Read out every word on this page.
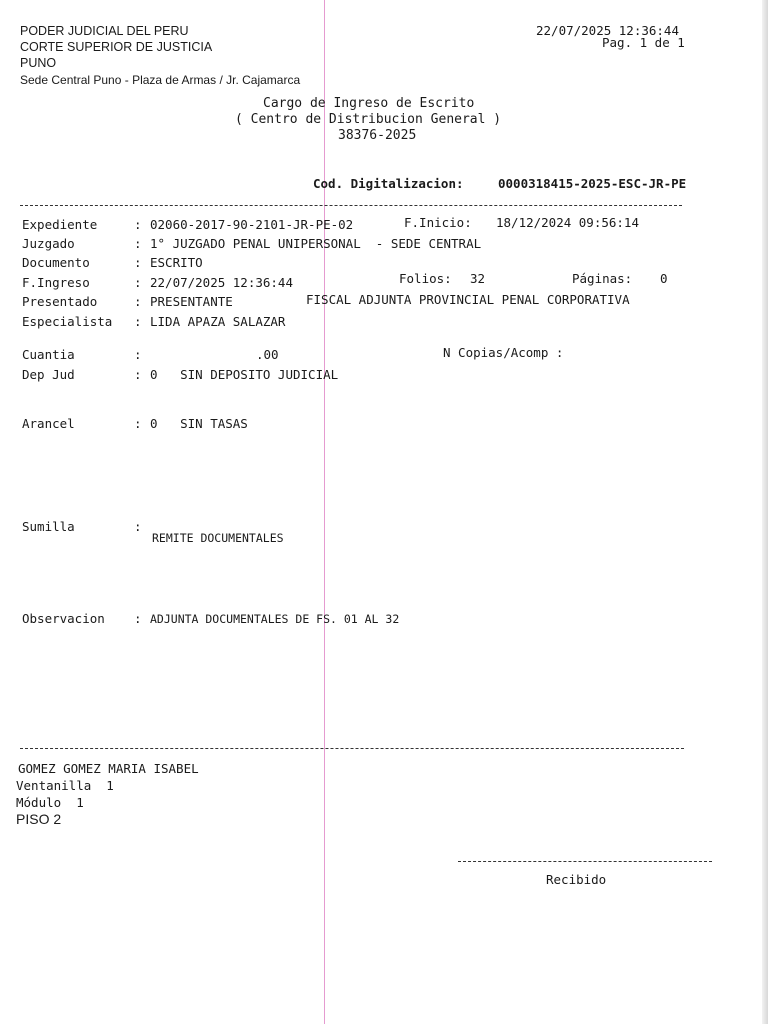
PODER JUDICIAL DEL PERU
CORTE SUPERIOR DE JUSTICIA
PUNO
Sede Central Puno - Plaza de Armas / Jr. Cajamarca
22/07/2025 12:36:44
Pag. 1 de 1
Cargo de Ingreso de Escrito
( Centro de Distribucion General )
38376-2025
Cod. Digitalizacion:	0000318415-2025-ESC-JR-PE
Expediente	: 02060-2017-90-2101-JR-PE-02	F.Inicio: 18/12/2024 09:56:14
Juzgado	: 1° JUZGADO PENAL UNIPERSONAL  - SEDE CENTRAL
Documento	: ESCRITO
F.Ingreso	: 22/07/2025 12:36:44	Folios: 32	Páginas: 0
Presentado	: PRESENTANTE	FISCAL ADJUNTA PROVINCIAL PENAL CORPORATIVA
Especialista : LIDA APAZA SALAZAR
Cuantia	:	.00	N Copias/Acomp :
Dep Jud	: 0   SIN DEPOSITO JUDICIAL
Arancel	: 0   SIN TASAS
Sumilla	:
REMITE DOCUMENTALES
Observacion : ADJUNTA DOCUMENTALES DE FS. 01 AL 32
GOMEZ GOMEZ MARIA ISABEL
Ventanilla  1
Módulo  1
PISO 2
Recibido
